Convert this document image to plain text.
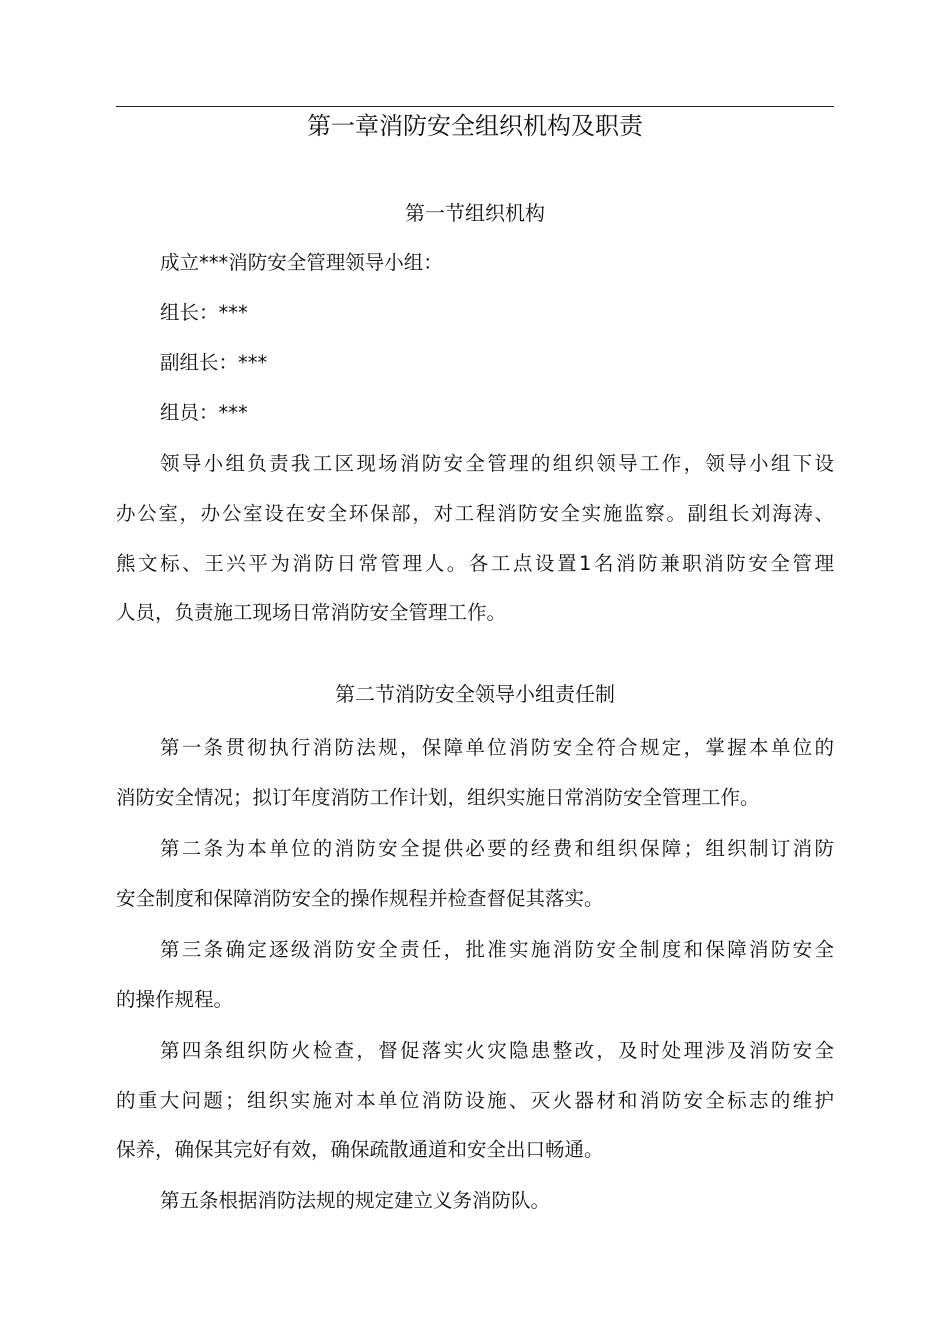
第一章消防安全组织机构及职责
第一节组织机构
成立***消防安全管理领导小组：
组长：***
副组长：***
组员：***
领导小组负责我工区现场消防安全管理的组织领导工作，领导小组下设
办公室，办公室设在安全环保部，对工程消防安全实施监察。副组长刘海涛、
熊文标、王兴平为消防日常管理人。各工点设置1名消防兼职消防安全管理
人员，负责施工现场日常消防安全管理工作。
第二节消防安全领导小组责任制
第一条贯彻执行消防法规，保障单位消防安全符合规定，掌握本单位的
消防安全情况；拟订年度消防工作计划，组织实施日常消防安全管理工作。
第二条为本单位的消防安全提供必要的经费和组织保障；组织制订消防
安全制度和保障消防安全的操作规程并检查督促其落实。
第三条确定逐级消防安全责任，批准实施消防安全制度和保障消防安全
的操作规程。
第四条组织防火检查，督促落实火灾隐患整改，及时处理涉及消防安全
的重大问题；组织实施对本单位消防设施、灭火器材和消防安全标志的维护
保养，确保其完好有效，确保疏散通道和安全出口畅通。
第五条根据消防法规的规定建立义务消防队。
